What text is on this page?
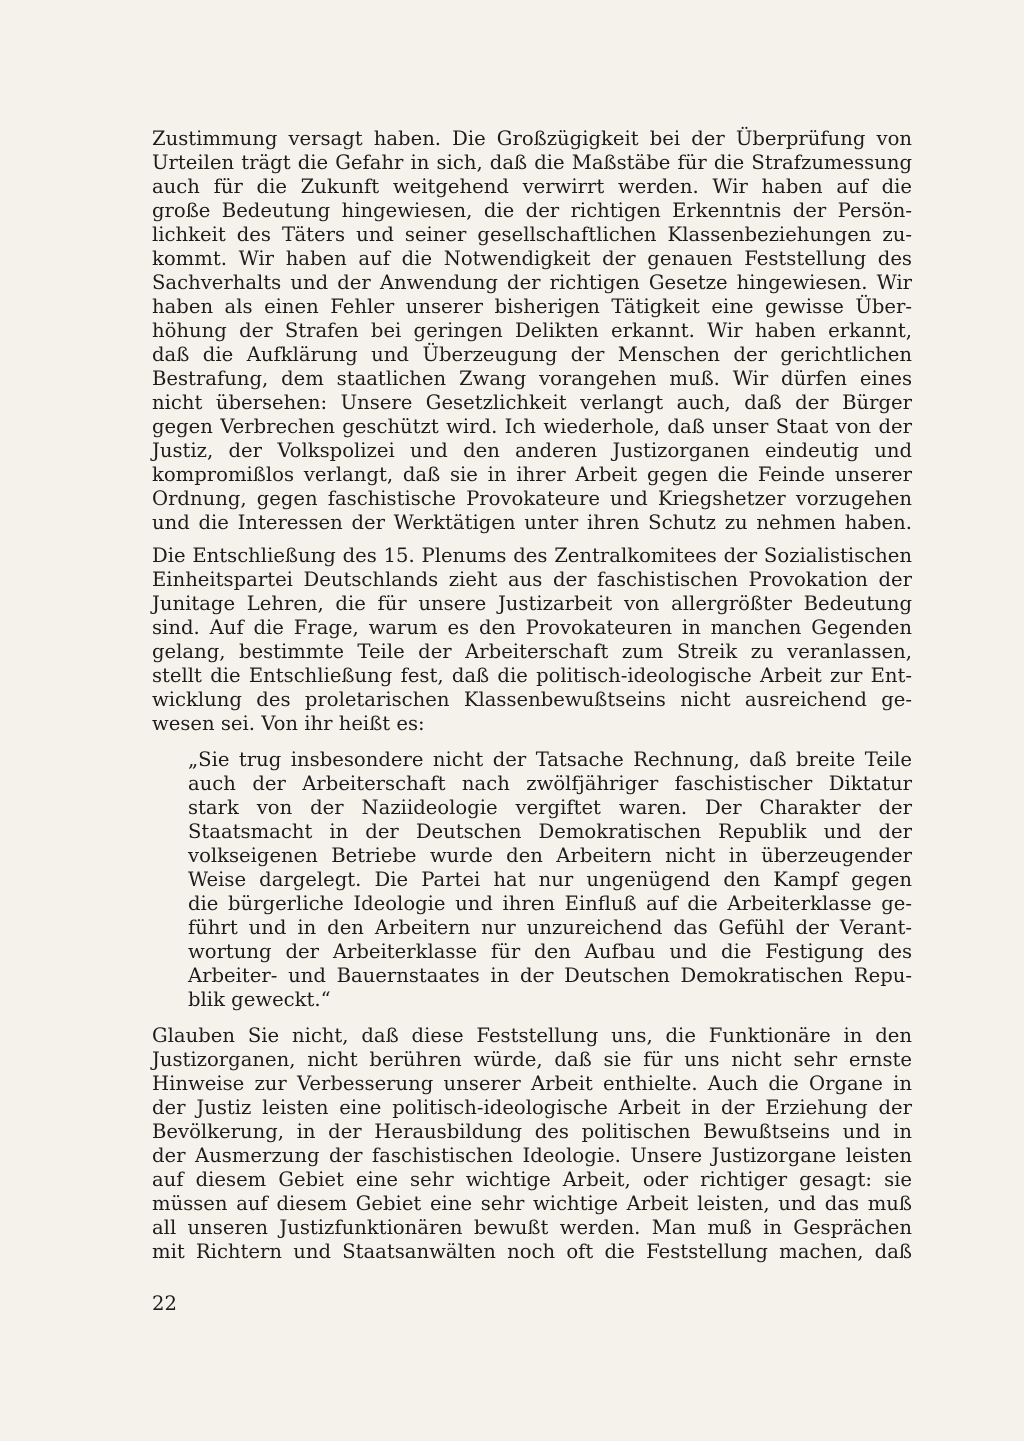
Zustimmung versagt haben. Die Großzügigkeit bei der Überprüfung von
Urteilen trägt die Gefahr in sich, daß die Maßstäbe für die Strafzumessung
auch für die Zukunft weitgehend verwirrt werden. Wir haben auf die
große Bedeutung hingewiesen, die der richtigen Erkenntnis der Persön-
lichkeit des Täters und seiner gesellschaftlichen Klassenbeziehungen zu-
kommt. Wir haben auf die Notwendigkeit der genauen Feststellung des
Sachverhalts und der Anwendung der richtigen Gesetze hingewiesen. Wir
haben als einen Fehler unserer bisherigen Tätigkeit eine gewisse Über-
höhung der Strafen bei geringen Delikten erkannt. Wir haben erkannt,
daß die Aufklärung und Überzeugung der Menschen der gerichtlichen
Bestrafung, dem staatlichen Zwang vorangehen muß. Wir dürfen eines
nicht übersehen: Unsere Gesetzlichkeit verlangt auch, daß der Bürger
gegen Verbrechen geschützt wird. Ich wiederhole, daß unser Staat von der
Justiz, der Volkspolizei und den anderen Justizorganen eindeutig und
kompromißlos verlangt, daß sie in ihrer Arbeit gegen die Feinde unserer
Ordnung, gegen faschistische Provokateure und Kriegshetzer vorzugehen
und die Interessen der Werktätigen unter ihren Schutz zu nehmen haben.
Die Entschließung des 15. Plenums des Zentralkomitees der Sozialistischen
Einheitspartei Deutschlands zieht aus der faschistischen Provokation der
Junitage Lehren, die für unsere Justizarbeit von allergrößter Bedeutung
sind. Auf die Frage, warum es den Provokateuren in manchen Gegenden
gelang, bestimmte Teile der Arbeiterschaft zum Streik zu veranlassen,
stellt die Entschließung fest, daß die politisch-ideologische Arbeit zur Ent-
wicklung des proletarischen Klassenbewußtseins nicht ausreichend ge-
wesen sei. Von ihr heißt es:
„Sie trug insbesondere nicht der Tatsache Rechnung, daß breite Teile
auch der Arbeiterschaft nach zwölfjähriger faschistischer Diktatur
stark von der Naziideologie vergiftet waren. Der Charakter der
Staatsmacht in der Deutschen Demokratischen Republik und der
volkseigenen Betriebe wurde den Arbeitern nicht in überzeugender
Weise dargelegt. Die Partei hat nur ungenügend den Kampf gegen
die bürgerliche Ideologie und ihren Einfluß auf die Arbeiterklasse ge-
führt und in den Arbeitern nur unzureichend das Gefühl der Verant-
wortung der Arbeiterklasse für den Aufbau und die Festigung des
Arbeiter- und Bauernstaates in der Deutschen Demokratischen Repu-
blik geweckt.“
Glauben Sie nicht, daß diese Feststellung uns, die Funktionäre in den
Justizorganen, nicht berühren würde, daß sie für uns nicht sehr ernste
Hinweise zur Verbesserung unserer Arbeit enthielte. Auch die Organe in
der Justiz leisten eine politisch-ideologische Arbeit in der Erziehung der
Bevölkerung, in der Herausbildung des politischen Bewußtseins und in
der Ausmerzung der faschistischen Ideologie. Unsere Justizorgane leisten
auf diesem Gebiet eine sehr wichtige Arbeit, oder richtiger gesagt: sie
müssen auf diesem Gebiet eine sehr wichtige Arbeit leisten, und das muß
all unseren Justizfunktionären bewußt werden. Man muß in Gesprächen
mit Richtern und Staatsanwälten noch oft die Feststellung machen, daß
22
